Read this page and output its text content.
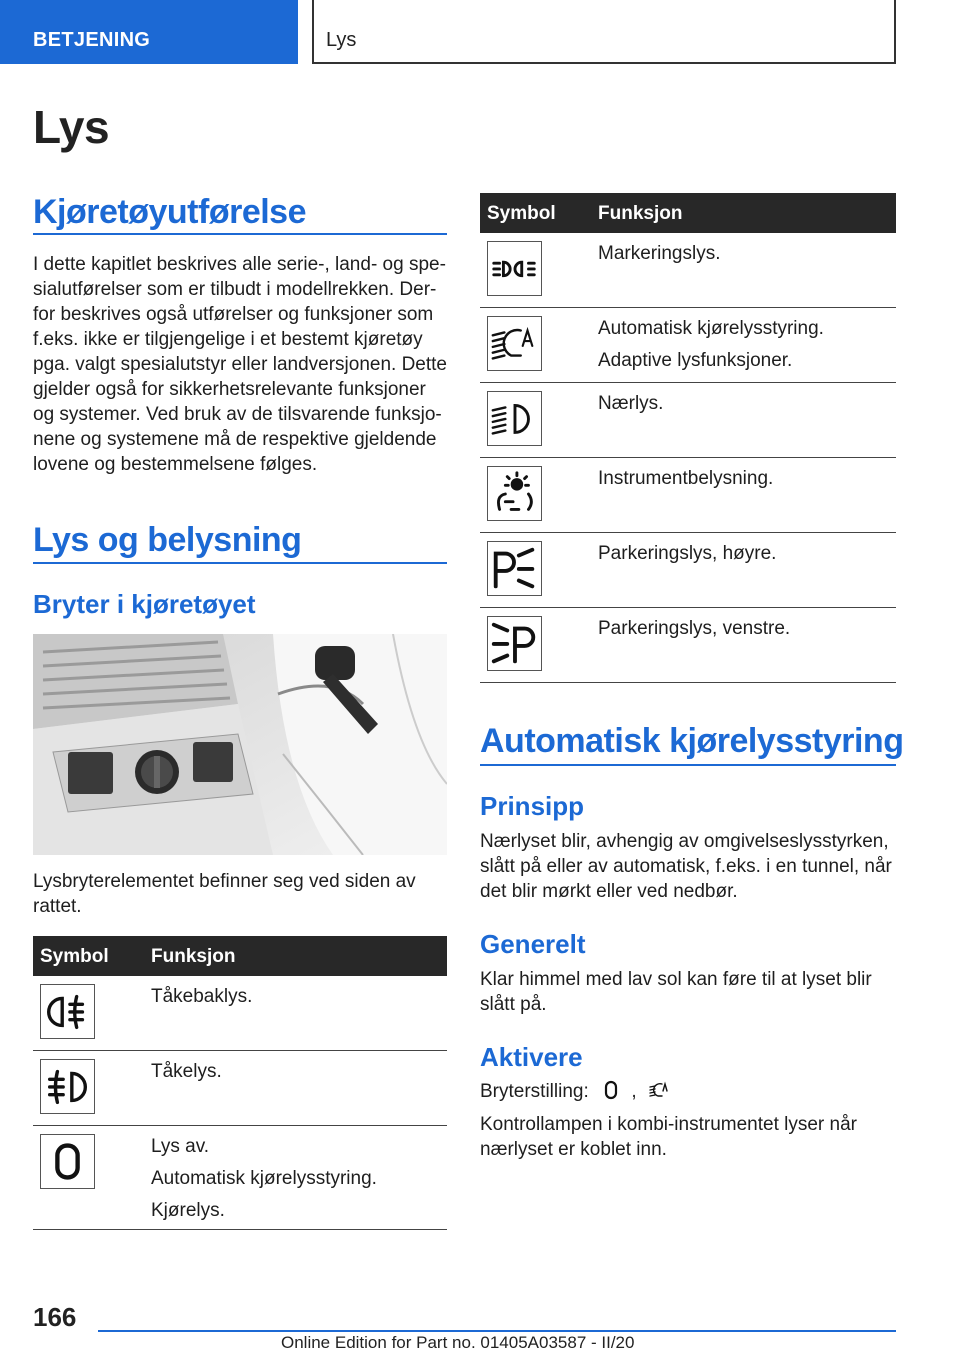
BETJENING	Lys
Lys
Kjøretøyutførelse
I dette kapitlet beskrives alle serie-, land- og spe-
sialutførelser som er tilbudt i modellrekken. Der-
for beskrives også utførelser og funksjoner som
f.eks. ikke er tilgjengelige i et bestemt kjøretøy
pga. valgt spesialutstyr eller landversjonen. Dette
gjelder også for sikkerhetsrelevante funksjoner
og systemer. Ved bruk av de tilsvarende funksjo-
nene og systemene må de respektive gjeldende
lovene og bestemmelsene følges.
Lys og belysning
Bryter i kjøretøyet
Lysbryterelementet befinner seg ved siden av
rattet.
Symbol Funksjon
Tåkebaklys.
Tåkelys.
Lys av.
Automatisk kjørelysstyring.
Kjørelys.
Symbol Funksjon
Markeringslys.
Automatisk kjørelysstyring.
Adaptive lysfunksjoner.
Nærlys.
Instrumentbelysning.
Parkeringslys, høyre.
Parkeringslys, venstre.
Automatisk kjørelysstyring
Prinsipp
Nærlyset blir, avhengig av omgivelseslysstyrken,
slått på eller av automatisk, f.eks. i en tunnel, når
det blir mørkt eller ved nedbør.
Generelt
Klar himmel med lav sol kan føre til at lyset blir
slått på.
Aktivere
Bryterstilling: ,
Kontrollampen i kombi-instrumentet lyser når
nærlyset er koblet inn.
166
Online Edition for Part no. 01405A03587 - II/20
